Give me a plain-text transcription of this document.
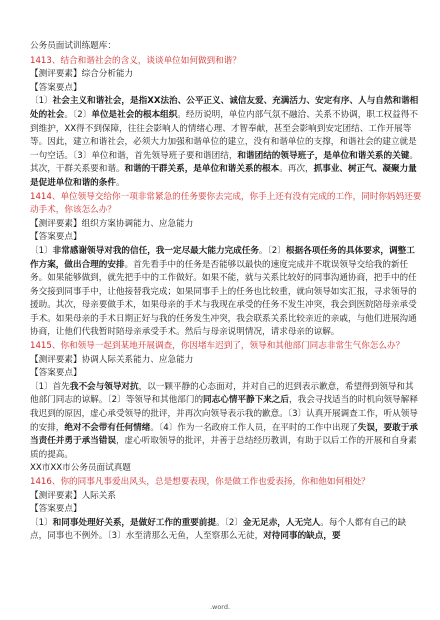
公务员面试训练题库：
1413、结合和谐社会的含义，谈谈单位如何做到和谐？
【测评要素】综合分析能力
【答案要点】
〔1〕社会主义和谐社会，是指XX法治、公平正义、诚信友爱、充满活力、安定有序、人与自然和谐相处的社会。〔2〕单位是社会的根本组织。经历说明，单位内部气氛不融洽、关系不协调，职工权益得不到维护，XX得不到保障，往往会影响人的情绪心理、才智奉献，甚至会影响到安定团结、工作开展等等。因此，建立和谐社会，必须大力加强和谐单位的建立，没有和谐单位的支撑，和谐社会的建立就是一句空话。〔3〕单位和谐，首先领导班子要和谐团结，和谐团结的领导班子，是单位和谐关系的关键。其次，干群关系要和谐。和谐的干群关系，是单位和谐关系的根本。再次，抓事业、树正气、凝聚力量是促进单位和谐的条件。
1414、单位领导交给你一项非常紧急的任务要你去完成，你手上还有没有完成的工作，同时你妈妈还要动手术，你该怎么办？
【测评要素】组织方案协调能力、应急能力
【答案要点】
〔1〕非常感谢领导对我的信任，我一定尽最大能力完成任务。〔2〕根据各项任务的具体要求，调整工作方案，做出合理的安排。首先看手中的任务是否能够以最快的速度完成并不耽误领导交给我的新任务。如果能够做到，就先把手中的工作做好。如果不能，就与关系比较好的同事沟通协商，把手中的任务交接到同事手中，让他接替我完成；如果同事手上的任务也比较重，就向领导如实汇报，寻求领导的援助。其次，母亲要做手术，如果母亲的手术与我现在承受的任务不发生冲突，我会到医院陪母亲承受手术。如果母亲的手术日期正好与我的任务发生冲突，我会联系关系比较亲近的亲戚，与他们进展沟通协商，让他们代我暂时陪母亲承受手术。然后与母亲说明情况，请求母亲的谅解。
1415、你和领导一起到某地开展调查，你因堵车迟到了，领导和其他部门同志非常生气你怎么办？
【测评要素】协调人际关系能力、应急能力
【答案要点】
〔1〕首先我不会与领导对抗，以一颗平静的心态面对，并对自己的迟到表示歉意，希望得到领导和其他部门同志的谅解。〔2〕等领导和其他部门的同志心情平静下来之后，我会寻找适当的时机向领导解释我迟到的原因，虚心承受领导的批评，并再次向领导表示我的歉意。〔3〕认真开展调查工作，听从领导的安排，绝对不会带有任何情绪。〔4〕作为一名政府工作人员，在平时的工作中出现了失误，要敢于承当责任并勇于承当错误，虚心听取领导的批评，并善于总结经历教训，有助于以后工作的开展和自身素质的提高。
XX市XX市公务员面试真题
1416、你的同事凡事爱出风头，总是想要表现，你是做工作也爱表扬，你和他如何相处？
【测评要素】人际关系
【答案要点】
〔1〕和同事处理好关系，是做好工作的重要前提。〔2〕金无足赤，人无完人。每个人都有自己的缺点，同事也不例外。〔3〕水至清那么无鱼，人至察那么无徒，对待同事的缺点，要
.word.
